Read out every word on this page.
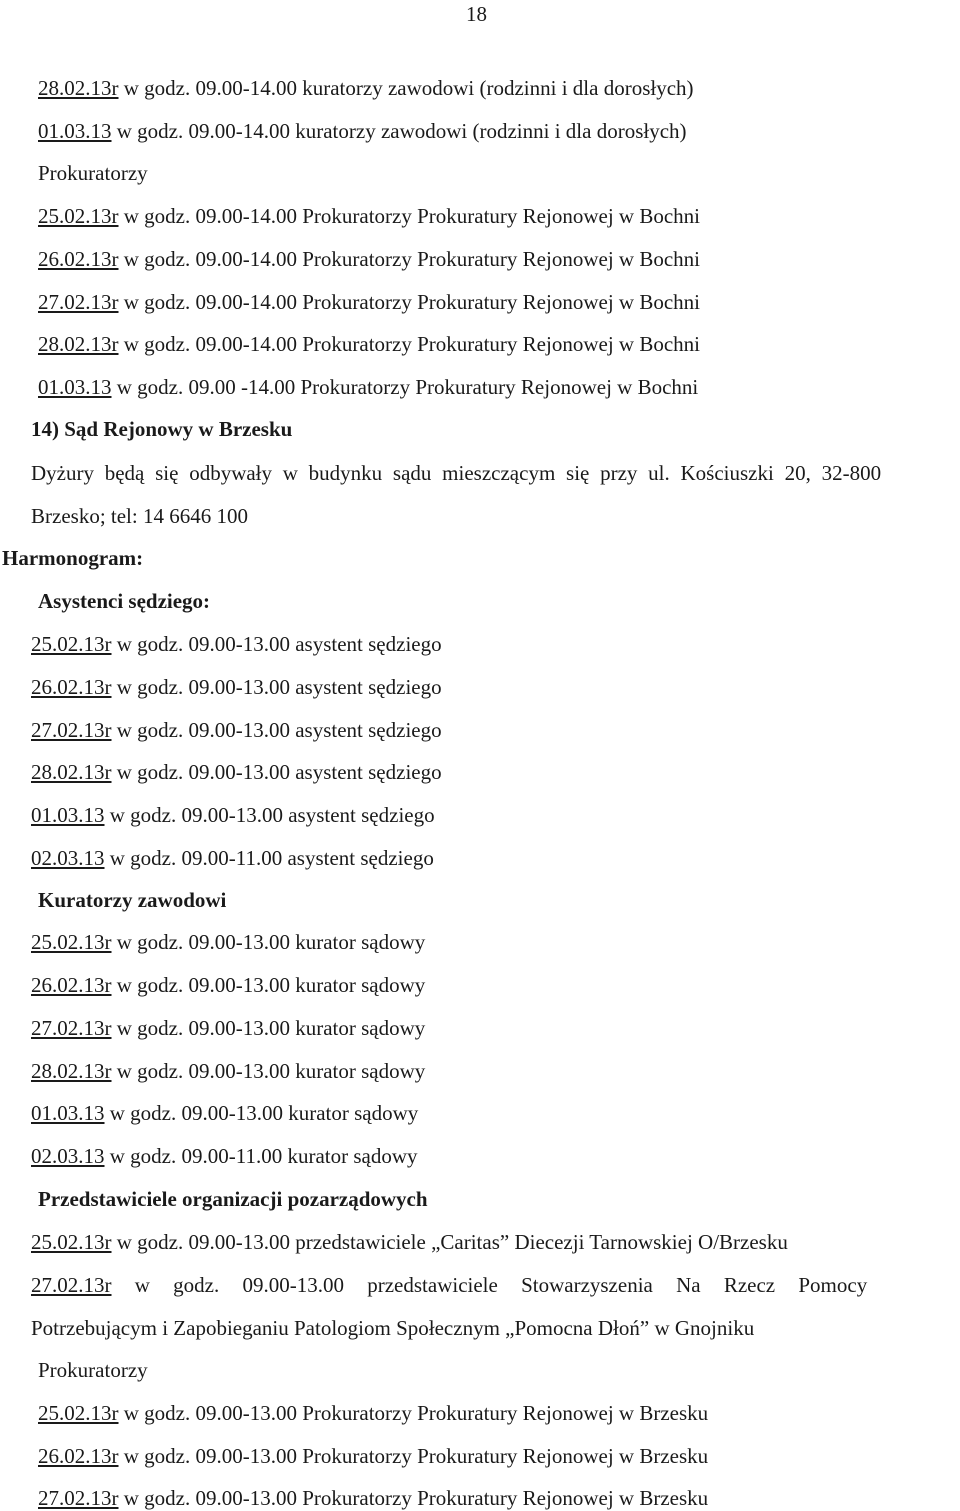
18
28.02.13r w godz. 09.00-14.00 kuratorzy zawodowi (rodzinni i dla dorosłych)
01.03.13 w godz. 09.00-14.00 kuratorzy zawodowi (rodzinni i dla dorosłych)
Prokuratorzy
25.02.13r w godz. 09.00-14.00 Prokuratorzy Prokuratury Rejonowej w Bochni
26.02.13r w godz. 09.00-14.00 Prokuratorzy Prokuratury Rejonowej w Bochni
27.02.13r w godz. 09.00-14.00 Prokuratorzy Prokuratury Rejonowej w Bochni
28.02.13r w godz. 09.00-14.00 Prokuratorzy Prokuratury Rejonowej w Bochni
01.03.13 w godz. 09.00 -14.00 Prokuratorzy Prokuratury Rejonowej w Bochni
14) Sąd Rejonowy w Brzesku
Dyżury będą się odbywały w budynku sądu mieszczącym się przy ul. Kościuszki 20, 32-800
Brzesko; tel: 14 6646 100
Harmonogram:
Asystenci sędziego:
25.02.13r w godz. 09.00-13.00 asystent sędziego
26.02.13r w godz. 09.00-13.00 asystent sędziego
27.02.13r w godz. 09.00-13.00 asystent sędziego
28.02.13r w godz. 09.00-13.00 asystent sędziego
01.03.13 w godz. 09.00-13.00 asystent sędziego
02.03.13 w godz. 09.00-11.00 asystent sędziego
Kuratorzy zawodowi
25.02.13r w godz. 09.00-13.00 kurator sądowy
26.02.13r w godz. 09.00-13.00 kurator sądowy
27.02.13r w godz. 09.00-13.00 kurator sądowy
28.02.13r w godz. 09.00-13.00 kurator sądowy
01.03.13 w godz. 09.00-13.00 kurator sądowy
02.03.13 w godz. 09.00-11.00 kurator sądowy
Przedstawiciele organizacji pozarządowych
25.02.13r w godz. 09.00-13.00 przedstawiciele „Caritas” Diecezji Tarnowskiej O/Brzesku
27.02.13r w godz. 09.00-13.00 przedstawiciele Stowarzyszenia Na Rzecz Pomocy
Potrzebującym i Zapobieganiu Patologiom Społecznym „Pomocna Dłoń” w Gnojniku
Prokuratorzy
25.02.13r w godz. 09.00-13.00 Prokuratorzy Prokuratury Rejonowej w Brzesku
26.02.13r w godz. 09.00-13.00 Prokuratorzy Prokuratury Rejonowej w Brzesku
27.02.13r w godz. 09.00-13.00 Prokuratorzy Prokuratury Rejonowej w Brzesku
